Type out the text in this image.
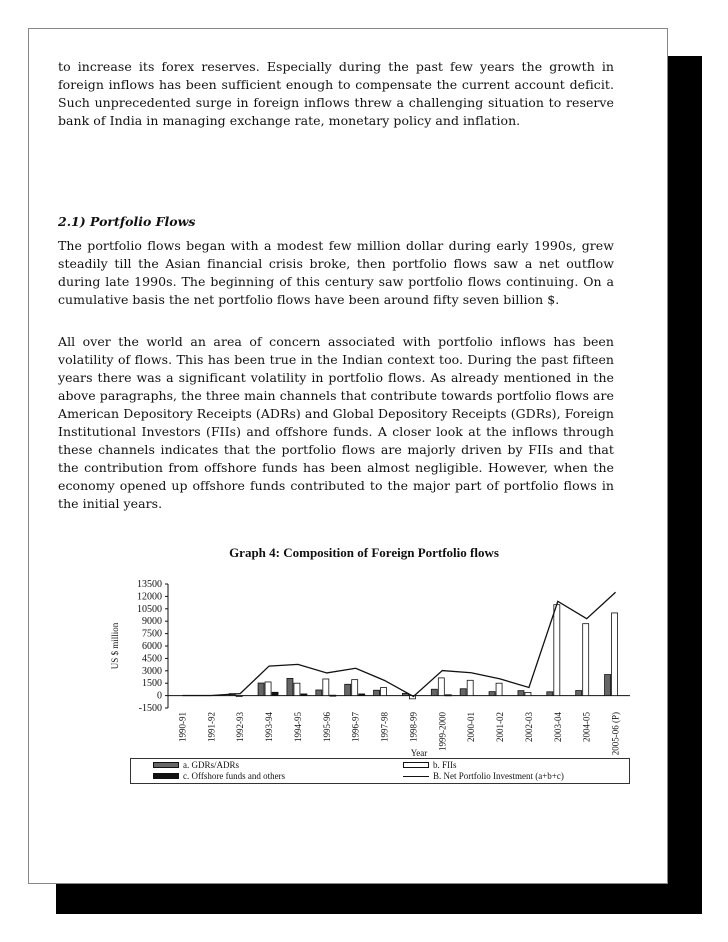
to increase its forex reserves. Especially during the past few years the growth in foreign inflows has been sufficient enough to compensate the current account deficit. Such unprecedented surge in foreign inflows threw a challenging situation to reserve bank of India in managing exchange rate, monetary policy and inflation.
2.1) Portfolio Flows
The portfolio flows began with a modest few million dollar during early 1990s, grew steadily till the Asian financial crisis broke, then portfolio flows saw a net outflow during late 1990s. The beginning of this century saw portfolio flows continuing. On a cumulative basis the net portfolio flows have been around fifty seven billion $.
All over the world an area of concern associated with portfolio inflows has been volatility of flows. This has been true in the Indian context too. During the past fifteen years there was a significant volatility in portfolio flows. As already mentioned in the above paragraphs, the three main channels that contribute towards portfolio flows are American Depository Receipts (ADRs) and Global Depository Receipts (GDRs), Foreign Institutional Investors (FIIs) and offshore funds. A closer look at the inflows through these channels indicates that the portfolio flows are majorly driven by FIIs and that the contribution from offshore funds has been almost negligible. However, when the economy opened up offshore funds contributed to the major part of portfolio flows in the initial years.
Graph 4: Composition of Foreign Portfolio flows
13500
12000
10500
9000
7500
6000
4500
3000
1500
0
-1500
US $ million
1990-91 1991-92 1992-93 1993-94 1994-95 1995-96 1996-97 1997-98 1998-99 1999-2000 2000-01 2001-02 2002-03 2003-04 2004-05 2005-06 (P)
Year
a. GDRs/ADRs	b. FIIs
c. Offshore funds and others	B. Net Portfolio Investment (a+b+c)
